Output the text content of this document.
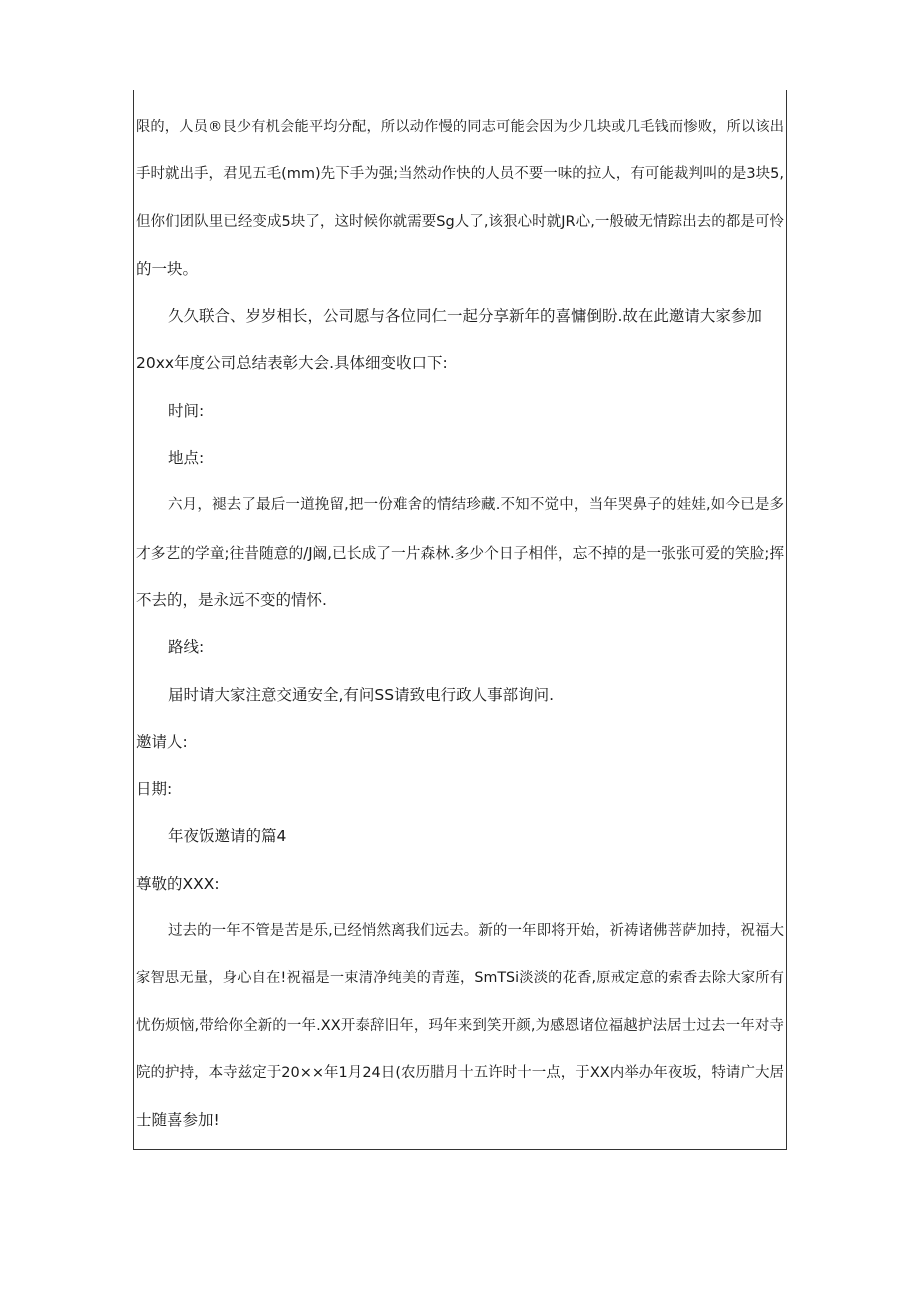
限的，人员®艮少有机会能平均分配，所以动作慢的同志可能会因为少几块或几毛钱而惨败，所以该出
手时就出手，君见五毛(mm)先下手为强;当然动作快的人员不要一味的拉人，有可能裁判叫的是3块5,
但你们团队里已经变成5块了，这时候你就需要Sg人了,该狠心时就JR心,一般破无情踪出去的都是可怜
的一块。
久久联合、岁岁相长，公司愿与各位同仁一起分享新年的喜慵倒盼.故在此邀请大家参加
20xx年度公司总结表彰大会.具体细变收口下:
时间:
地点:
六月，褪去了最后一道挽留,把一份难舍的情结珍藏.不知不觉中，当年哭鼻子的娃娃,如今已是多
才多艺的学童;往昔随意的/J阚,已长成了一片森林.多少个日子相伴，忘不掉的是一张张可爱的笑脸;挥
不去的，是永远不变的情怀.
路线:
届时请大家注意交通安全,有问SS请致电行政人事部询问.
邀请人:
日期:
年夜饭邀请的篇4
尊敬的XXX:
过去的一年不管是苦是乐,已经悄然离我们远去。新的一年即将开始，祈祷诸佛菩萨加持，祝福大
家智思无量，身心自在!祝福是一束清净纯美的青莲，SmTSi淡淡的花香,原戒定意的索香去除大家所有
忧伤烦恼,带给你全新的一年.XX开泰辞旧年，玛年来到笑开颜,为感恩诸位福越护法居士过去一年对寺
院的护持，本寺兹定于20××年1月24日(农历腊月十五许时十一点，于XX内举办年夜坂，特请广大居
士随喜参加!
